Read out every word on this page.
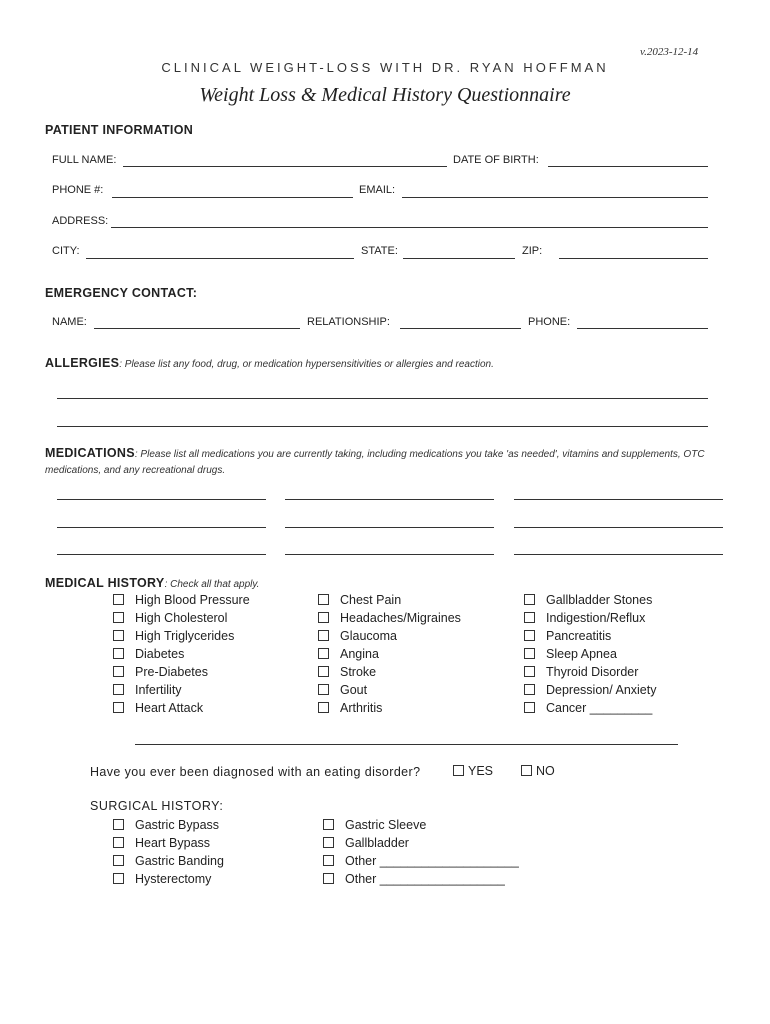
v.2023-12-14
CLINICAL WEIGHT-LOSS WITH DR. RYAN HOFFMAN
Weight Loss & Medical History Questionnaire
PATIENT INFORMATION
FULL NAME:	DATE OF BIRTH:
PHONE #:	EMAIL:
ADDRESS:
CITY:	STATE:	ZIP:
EMERGENCY CONTACT:
NAME:	RELATIONSHIP:	PHONE:
ALLERGIES: Please list any food, drug, or medication hypersensitivities or allergies and reaction.
MEDICATIONS: Please list all medications you are currently taking, including medications you take 'as needed', vitamins and supplements, OTC medications, and any recreational drugs.
MEDICAL HISTORY: Check all that apply.
High Blood Pressure
High Cholesterol
High Triglycerides
Diabetes
Pre-Diabetes
Infertility
Heart Attack
Chest Pain
Headaches/Migraines
Glaucoma
Angina
Stroke
Gout
Arthritis
Gallbladder Stones
Indigestion/Reflux
Pancreatitis
Sleep Apnea
Thyroid Disorder
Depression/ Anxiety
Cancer _________
Have you ever been diagnosed with an eating disorder?	YES	NO
SURGICAL HISTORY:
Gastric Bypass
Heart Bypass
Gastric Banding
Hysterectomy
Gastric Sleeve
Gallbladder
Other ____________________
Other __________________
